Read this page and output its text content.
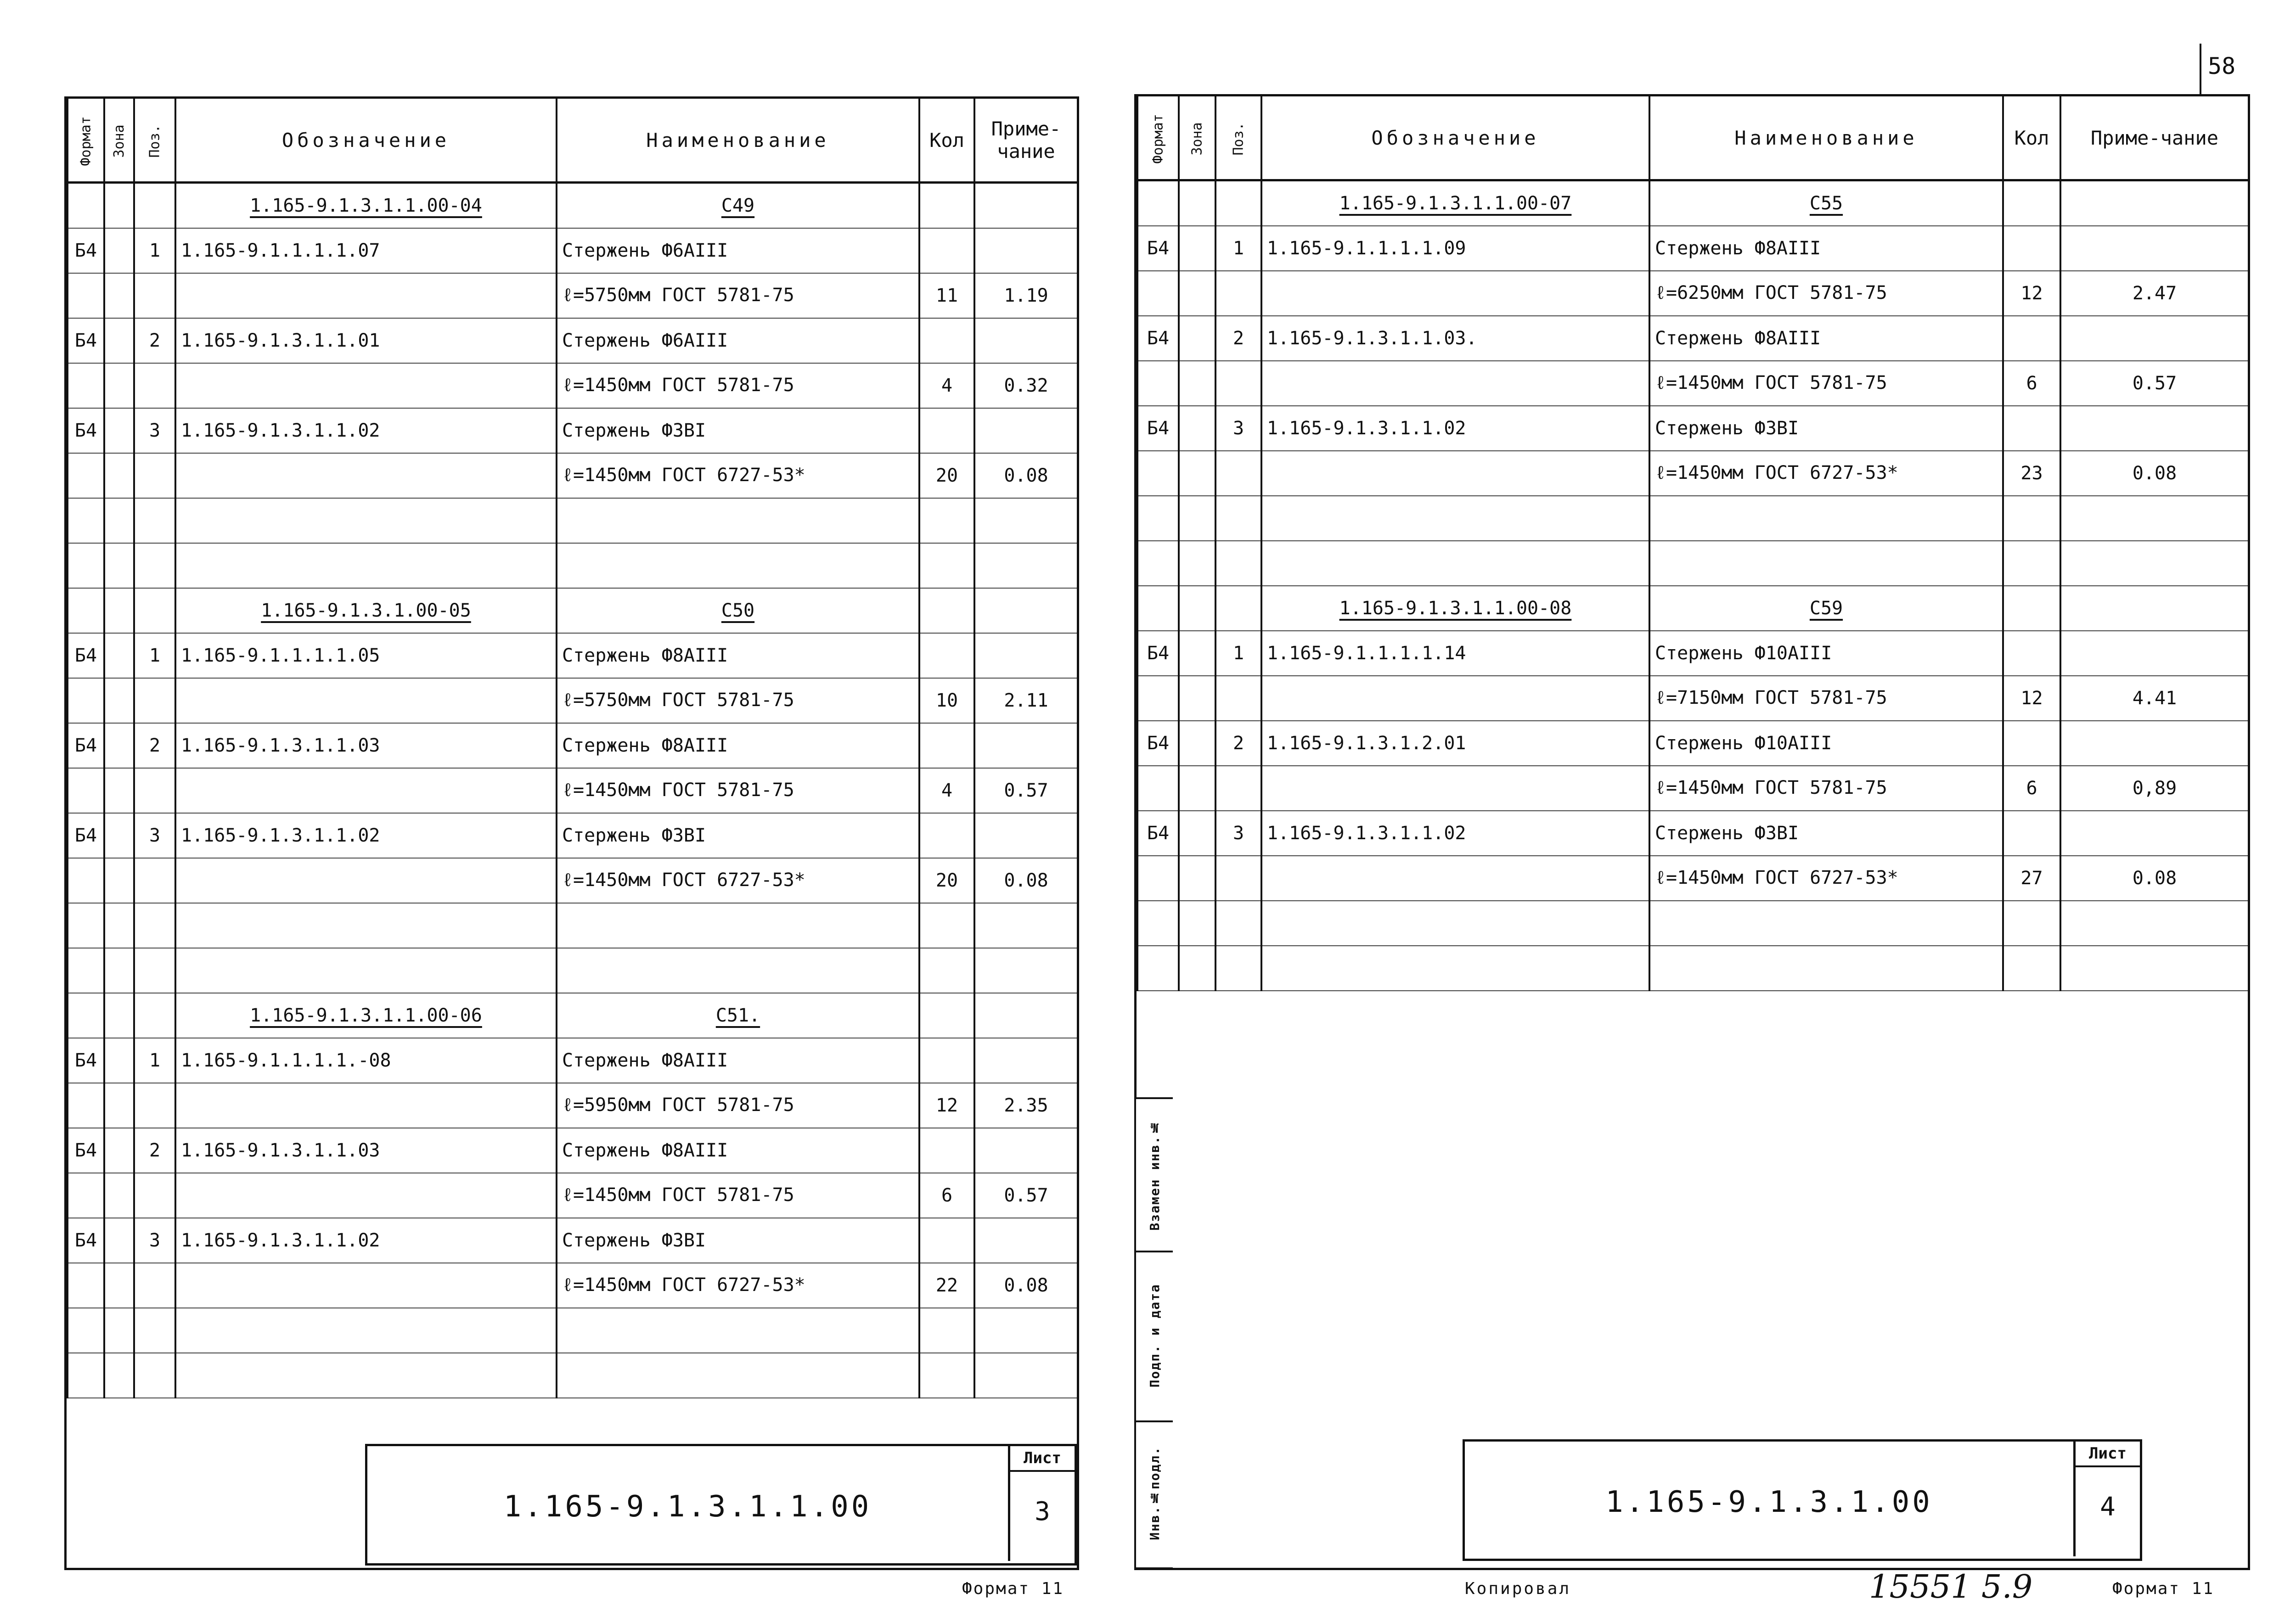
58
Формат	Зона	Поз.	Обозначение	Наименование	Кол	Приме-чание
			1.165-9.1.3.1.1.00-04	С49		
Б4		1	1.165-9.1.1.1.1.07	Стержень Ф6АIII		
				ℓ=5750мм ГОСТ 5781-75	11	1.19
Б4		2	1.165-9.1.3.1.1.01	Стержень Ф6АIII		
				ℓ=1450мм ГОСТ 5781-75	4	0.32
Б4		3	1.165-9.1.3.1.1.02	Стержень Ф3ВI		
				ℓ=1450мм ГОСТ 6727-53*	20	0.08

			1.165-9.1.3.1.00-05	С50		
Б4		1	1.165-9.1.1.1.1.05	Стержень Ф8АIII		
				ℓ=5750мм ГОСТ 5781-75	10	2.11
Б4		2	1.165-9.1.3.1.1.03	Стержень Ф8АIII		
				ℓ=1450мм ГОСТ 5781-75	4	0.57
Б4		3	1.165-9.1.3.1.1.02	Стержень Ф3ВI		
				ℓ=1450мм ГОСТ 6727-53*	20	0.08

			1.165-9.1.3.1.1.00-06	С51.		
Б4		1	1.165-9.1.1.1.1.-08	Стержень Ф8АIII		
				ℓ=5950мм ГОСТ 5781-75	12	2.35
Б4		2	1.165-9.1.3.1.1.03	Стержень Ф8АIII		
				ℓ=1450мм ГОСТ 5781-75	6	0.57
Б4		3	1.165-9.1.3.1.1.02	Стержень Ф3ВI		
				ℓ=1450мм ГОСТ 6727-53*	22	0.08

1.165-9.1.3.1.1.00
Лист
3
Формат 11
Формат	Зона	Поз.	Обозначение	Наименование	Кол	Приме-чание
			1.165-9.1.3.1.1.00-07	С55		
Б4		1	1.165-9.1.1.1.1.09	Стержень Ф8АIII		
				ℓ=6250мм ГОСТ 5781-75	12	2.47
Б4		2	1.165-9.1.3.1.1.03.	Стержень Ф8АIII		
				ℓ=1450мм ГОСТ 5781-75	6	0.57
Б4		3	1.165-9.1.3.1.1.02	Стержень Ф3ВI		
				ℓ=1450мм ГОСТ 6727-53*	23	0.08

			1.165-9.1.3.1.1.00-08	С59		
Б4		1	1.165-9.1.1.1.1.14	Стержень Ф10АIII		
				ℓ=7150мм ГОСТ 5781-75	12	4.41
Б4		2	1.165-9.1.3.1.2.01	Стержень Ф10АIII		
				ℓ=1450мм ГОСТ 5781-75	6	0,89
Б4		3	1.165-9.1.3.1.1.02	Стержень Ф3ВI		
				ℓ=1450мм ГОСТ 6727-53*	27	0.08

1.165-9.1.3.1.00
Лист
4
Взамен инв.№
Подп. и дата
Инв.№подл.
Копировал	15551 5.9	Формат 11
